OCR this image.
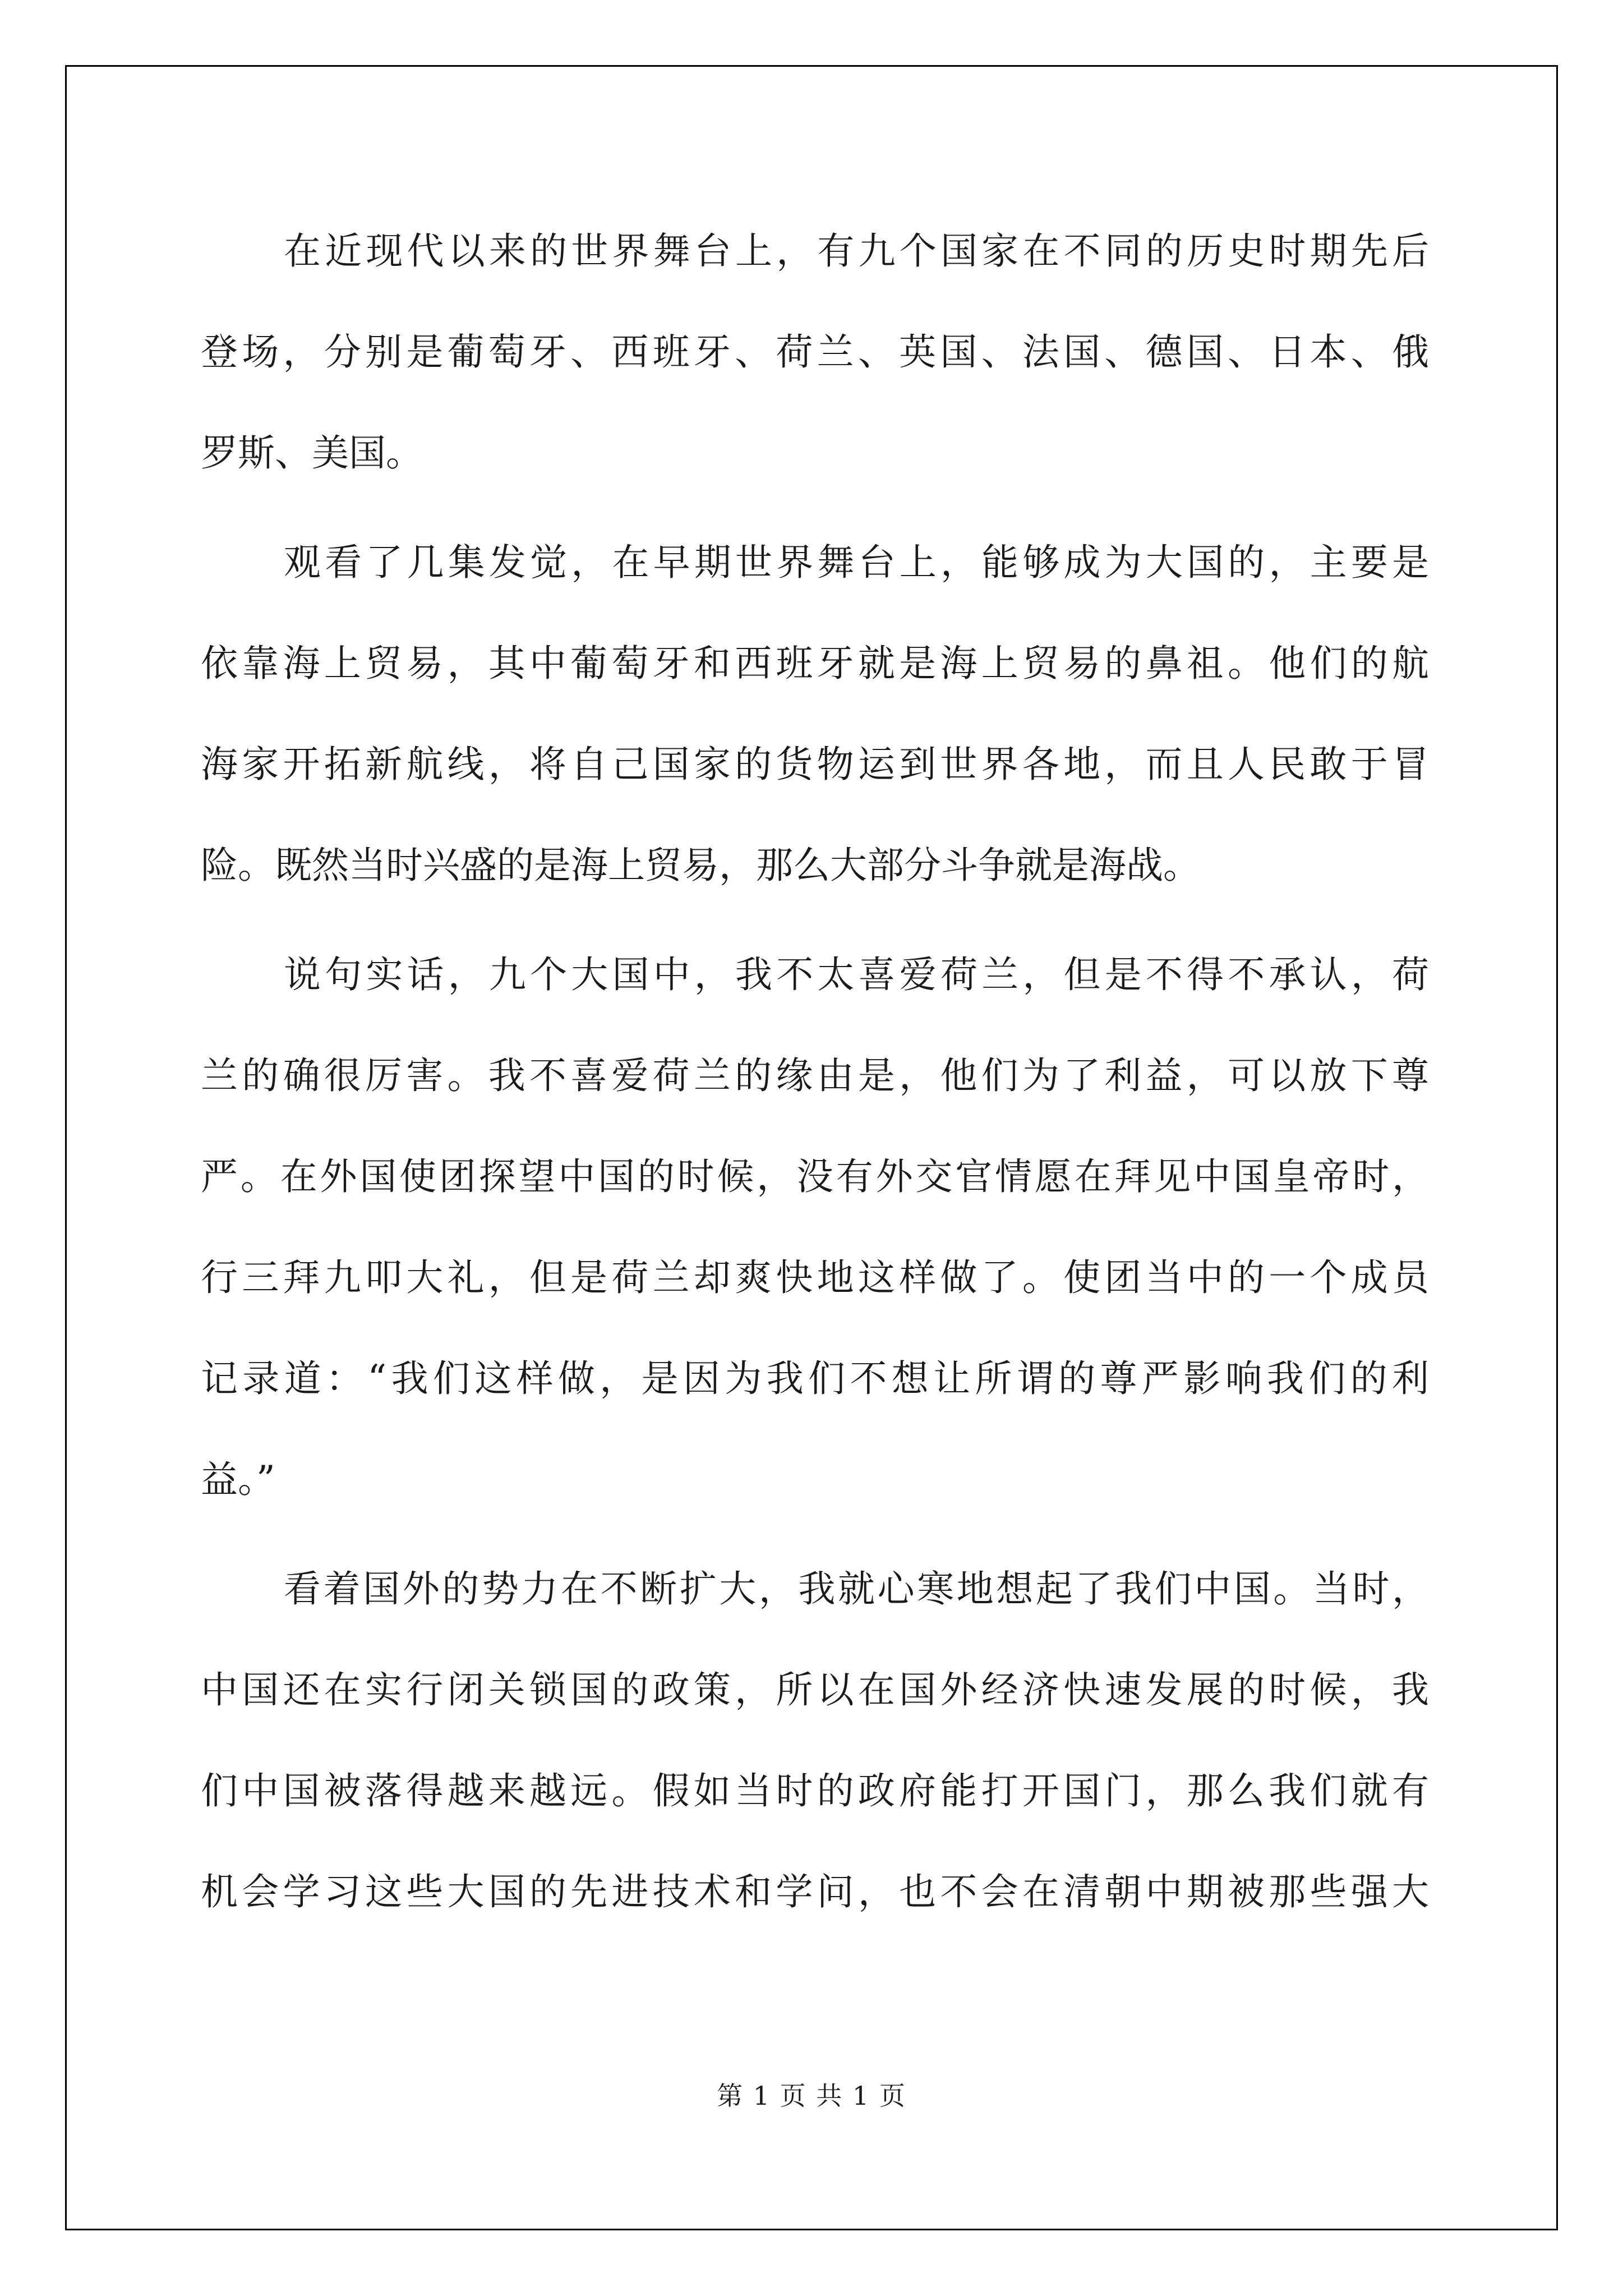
在近现代以来的世界舞台上，有九个国家在不同的历史时期先后
登场，分别是葡萄牙、西班牙、荷兰、英国、法国、德国、日本、俄
罗斯、美国。
观看了几集发觉，在早期世界舞台上，能够成为大国的，主要是
依靠海上贸易，其中葡萄牙和西班牙就是海上贸易的鼻祖。他们的航
海家开拓新航线，将自己国家的货物运到世界各地，而且人民敢于冒
险。既然当时兴盛的是海上贸易，那么大部分斗争就是海战。
说句实话，九个大国中，我不太喜爱荷兰，但是不得不承认，荷
兰的确很厉害。我不喜爱荷兰的缘由是，他们为了利益，可以放下尊
严。在外国使团探望中国的时候，没有外交官情愿在拜见中国皇帝时，
行三拜九叩大礼，但是荷兰却爽快地这样做了。使团当中的一个成员
记录道：“我们这样做，是因为我们不想让所谓的尊严影响我们的利
益。”
看着国外的势力在不断扩大，我就心寒地想起了我们中国。当时，
中国还在实行闭关锁国的政策，所以在国外经济快速发展的时候，我
们中国被落得越来越远。假如当时的政府能打开国门，那么我们就有
机会学习这些大国的先进技术和学问，也不会在清朝中期被那些强大
第 1 页 共 1 页
